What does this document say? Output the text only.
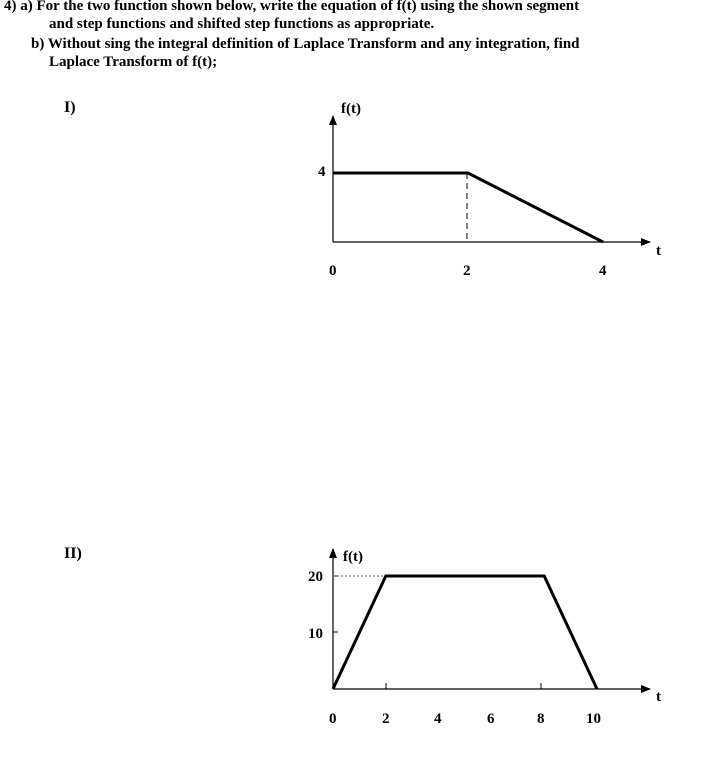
4) a) For the two function shown below, write the equation of f(t) using the shown segment
and step functions and shifted step functions as appropriate.
b) Without sing the integral definition of Laplace Transform and any integration, find
Laplace Transform of f(t);
I)
II)
f(t)
t
4
0	2	4
f(t)
t
20
10
0	2	4	6	8	10
